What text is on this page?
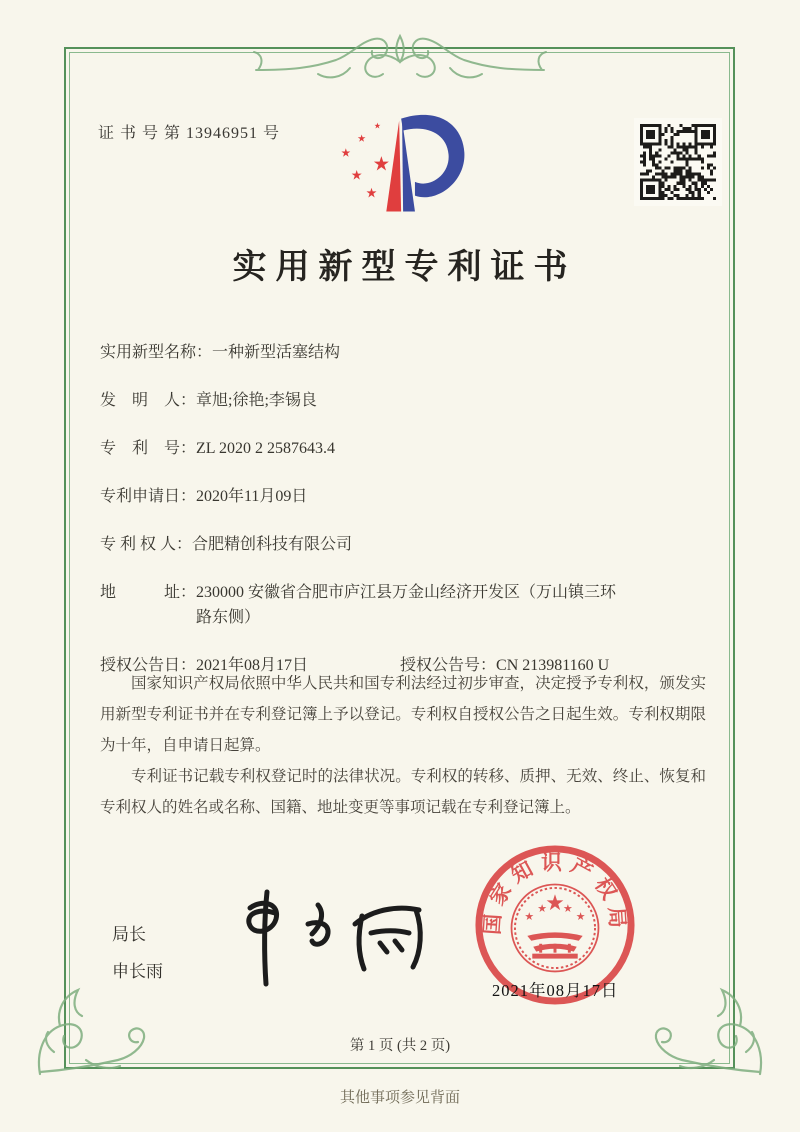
证 书 号 第 13946951 号
实用新型专利证书
实用新型名称： 一种新型活塞结构
发　明　人： 章旭;徐艳;李锡良
专　利　号： ZL 2020 2 2587643.4
专利申请日： 2020年11月09日
专 利 权 人： 合肥精创科技有限公司
地　　　址： 230000 安徽省合肥市庐江县万金山经济开发区（万山镇三环路东侧）
授权公告日： 2021年08月17日	授权公告号： CN 213981160 U

国家知识产权局依照中华人民共和国专利法经过初步审查，决定授予专利权，颁发实用新型专利证书并在专利登记簿上予以登记。专利权自授权公告之日起生效。专利权期限为十年，自申请日起算。

专利证书记载专利权登记时的法律状况。专利权的转移、质押、无效、终止、恢复和专利权人的姓名或名称、国籍、地址变更等事项记载在专利登记簿上。

局长
申长雨
国家知识产权局
★
★
★ ★
★
2021年08月17日
第 1 页 (共 2 页)
其他事项参见背面
